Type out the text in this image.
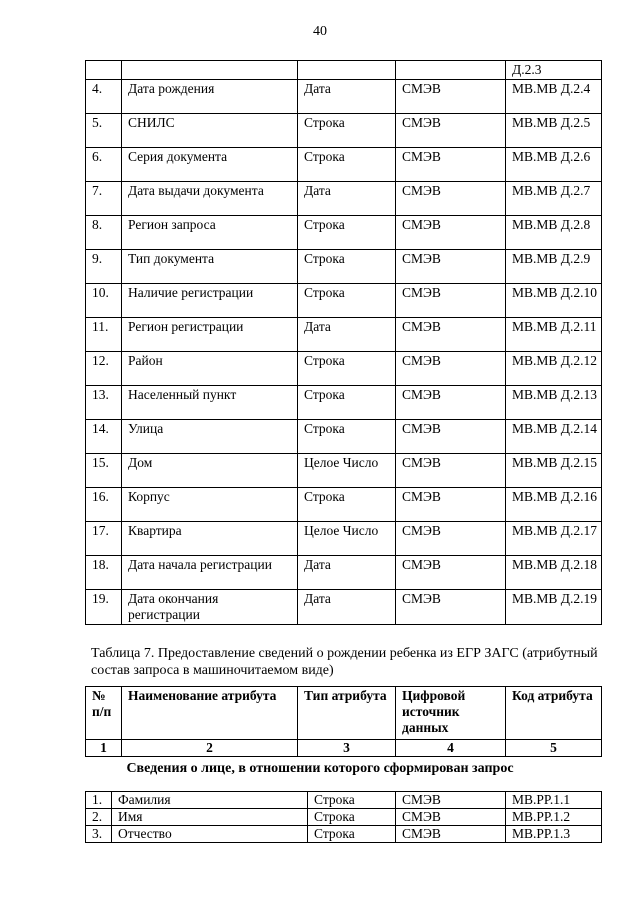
40
				Д.2.3
4.	Дата рождения	Дата	СМЭВ	MB.MB Д.2.4
5.	СНИЛС	Строка	СМЭВ	MB.MB Д.2.5
6.	Серия документа	Строка	СМЭВ	MB.MB Д.2.6
7.	Дата выдачи документа	Дата	СМЭВ	MB.MB Д.2.7
8.	Регион запроса	Строка	СМЭВ	MB.MB Д.2.8
9.	Тип документа	Строка	СМЭВ	MB.MB Д.2.9
10.	Наличие регистрации	Строка	СМЭВ	MB.MB Д.2.10
11.	Регион регистрации	Дата	СМЭВ	MB.MB Д.2.11
12.	Район	Строка	СМЭВ	MB.MB Д.2.12
13.	Населенный пункт	Строка	СМЭВ	MB.MB Д.2.13
14.	Улица	Строка	СМЭВ	MB.MB Д.2.14
15.	Дом	Целое Число	СМЭВ	MB.MB Д.2.15
16.	Корпус	Строка	СМЭВ	MB.MB Д.2.16
17.	Квартира	Целое Число	СМЭВ	MB.MB Д.2.17
18.	Дата начала регистрации	Дата	СМЭВ	MB.MB Д.2.18
19.	Дата окончания регистрации	Дата	СМЭВ	MB.MB Д.2.19
Таблица 7. Предоставление сведений о рождении ребенка из ЕГР ЗАГС (атрибутный состав запроса в машиночитаемом виде)
№ п/п	Наименование атрибута	Тип атрибута	Цифровой источник данных	Код атрибута
1	2	3	4	5
Сведения о лице, в отношении которого сформирован запрос
1.	Фамилия	Строка	СМЭВ	MB.PP.1.1
2.	Имя	Строка	СМЭВ	MB.PP.1.2
3.	Отчество	Строка	СМЭВ	MB.PP.1.3
